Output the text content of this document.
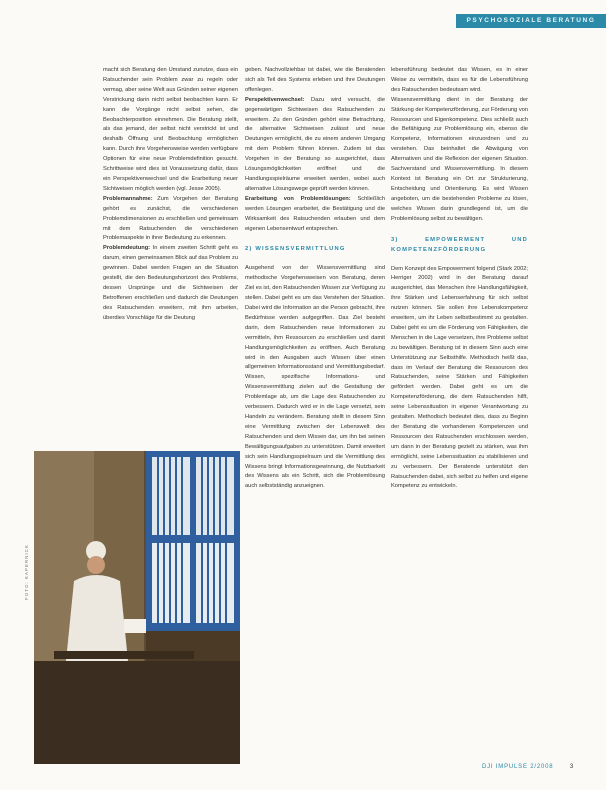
PSYCHOSOZIALE BERATUNG

macht sich Beratung den Umstand zunutze, dass ein Ratsuchender sein Problem zwar zu regeln oder vermag, aber seine Welt aus Gründen seiner eigenen Verstrickung darin nicht selbst beobachten kann. Er kann die Vorgänge nicht selbst sehen, die Beobachterposition einnehmen. Die Beratung stellt, als das jemand, der selbst nicht verstrickt ist und deshalb Öffnung und Beobachtung ermöglichen kann. Durch ihre Vorgehensweise werden verfügbare Optionen für eine neue Problemdefinition gesucht. Schrittweise wird dies ist Voraussetzung dafür, dass ein Perspektivenwechsel und die Erarbeitung neuer Sichtweisen möglich werden (vgl. Jesse 2005).

Problemannahme: Zum Vorgehen der Beratung gehört es zunächst, die verschiedenen Problemdimensionen zu erschließen und gemeinsam mit dem Ratsuchenden die verschiedenen Problemaspekte in ihrer Bedeutung zu erkennen.

Problemdeutung: In einem zweiten Schritt geht es darum, einen gemeinsamen Blick auf das Problem zu gewinnen. Dabei werden Fragen an die Situation gestellt, die den Bedeutungshorizont des Problems, dessen Ursprünge und die Sichtweisen der Betroffenen erschließen und dadurch die Deutungen des Ratsuchenden erweitern, mit ihm arbeiten, überdies Vorschläge für die Deutung

geben. Nachvollziehbar ist dabei, wie die Beratenden sich als Teil des Systems erleben und ihre Deutungen offenlegen.

Perspektivenwechsel: Dazu wird versucht, die gegenwärtigen Sichtweisen des Ratsuchenden zu erweitern. Zu den Gründen gehört eine Betrachtung, die alternative Sichtweisen zulässt und neue Deutungen ermöglicht, die zu einem anderen Umgang mit dem Problem führen können. Zudem ist das Vorgehen in der Beratung so ausgerichtet, dass Lösungsmöglichkeiten eröffnet und die Handlungsspielräume erweitert werden, wobei auch alternative Lösungswege geprüft werden können.

Erarbeitung von Problemlösungen: Schließlich werden Lösungen erarbeitet, die Bestätigung und die Wirksamkeit des Ratsuchenden erlauben und dem eigenen Lebensentwurf entsprechen.

2) WISSENSVERMITTLUNG

Ausgehend von der Wissensvermittlung sind methodische Vorgehensweisen von Beratung, deren Ziel es ist, den Ratsuchenden Wissen zur Verfügung zu stellen. Dabei geht es um das Verstehen der Situation. Dabei wird die Information an die Person gebracht, ihre Bedürfnisse werden aufgegriffen. Das Ziel besteht darin, dem Ratsuchenden neue Informationen zu vermitteln, ihm Ressourcen zu erschließen und damit Handlungsmöglichkeiten zu eröffnen. Auch Beratung wird in den Ausgaben auch Wissen über einen allgemeinen Informationsstand und Vermittlungsbedarf. Wissen, spezifische Informations- und Wissensvermittlung zielen auf die Gestaltung der Problemlage ab, um die Lage des Ratsuchenden zu verbessern. Dadurch wird er in die Lage versetzt, sein Handeln zu verändern. Beratung stellt in diesem Sinn eine Vermittlung zwischen der Lebenswelt des Ratsuchenden und dem Wissen dar, um ihn bei seinen Bewältigungsaufgaben zu unterstützen. Damit erweitert sich sein Handlungsspielraum und die Vermittlung des Wissens bringt Informationsgewinnung, die Nutzbarkeit des Wissens als ein Schritt, sich die Problemlösung auch selbstständig anzueignen.

lebensführung bedeutet das Wissen, es in einer Weise zu vermitteln, dass es für die Lebensführung des Ratsuchenden bedeutsam wird.

Wissensvermittlung dient in der Beratung der Stärkung der Kompetenzförderung, zur Förderung von Ressourcen und Eigenkompetenz. Dies schließt auch die Befähigung zur Problemlösung ein, ebenso die Kompetenz, Informationen einzuordnen und zu verstehen. Das beinhaltet die Abwägung von Alternativen und die Reflexion der eigenen Situation. Sachverstand und Wissensvermittlung. In diesem Kontext ist Beratung ein Ort zur Strukturierung, Entscheidung und Orientierung. Es wird Wissen angeboten, um die bestehenden Probleme zu lösen, welches Wissen darin grundlegend ist, um die Problemlösung selbst zu bewältigen.

3) EMPOWERMENT UND KOMPETENZFÖRDERUNG

Dem Konzept des Empowerment folgend (Stark 2002; Herriger 2002) wird in der Beratung darauf ausgerichtet, das Menschen ihre Handlungsfähigkeit, ihre Stärken und Lebenserfahrung für sich selbst nutzen können. Sie sollen ihre Lebenskompetenz erweitern, um ihr Leben selbstbestimmt zu gestalten. Dabei geht es um die Förderung von Fähigkeiten, die Menschen in die Lage versetzen, ihre Probleme selbst zu bewältigen. Beratung ist in diesem Sinn auch eine Unterstützung zur Selbsthilfe. Methodisch heißt das, dass im Verlauf der Beratung die Ressourcen des Ratsuchenden, seine Stärken und Fähigkeiten gefördert werden. Dabei geht es um die Kompetenzförderung, die dem Ratsuchenden hilft, seine Lebenssituation in eigener Verantwortung zu gestalten. Methodisch bedeutet dies, dass zu Beginn der Beratung die vorhandenen Kompetenzen und Ressourcen des Ratsuchenden erschlossen werden, um dann in der Beratung gezielt zu stärken, was ihm ermöglicht, seine Lebenssituation zu stabilisieren und zu verbessern. Der Beratende unterstützt den Ratsuchenden dabei, sich selbst zu helfen und eigene Kompetenz zu entwickeln.

FOTO: KAPERNICK
DJI IMPULSE 2/2008	3
